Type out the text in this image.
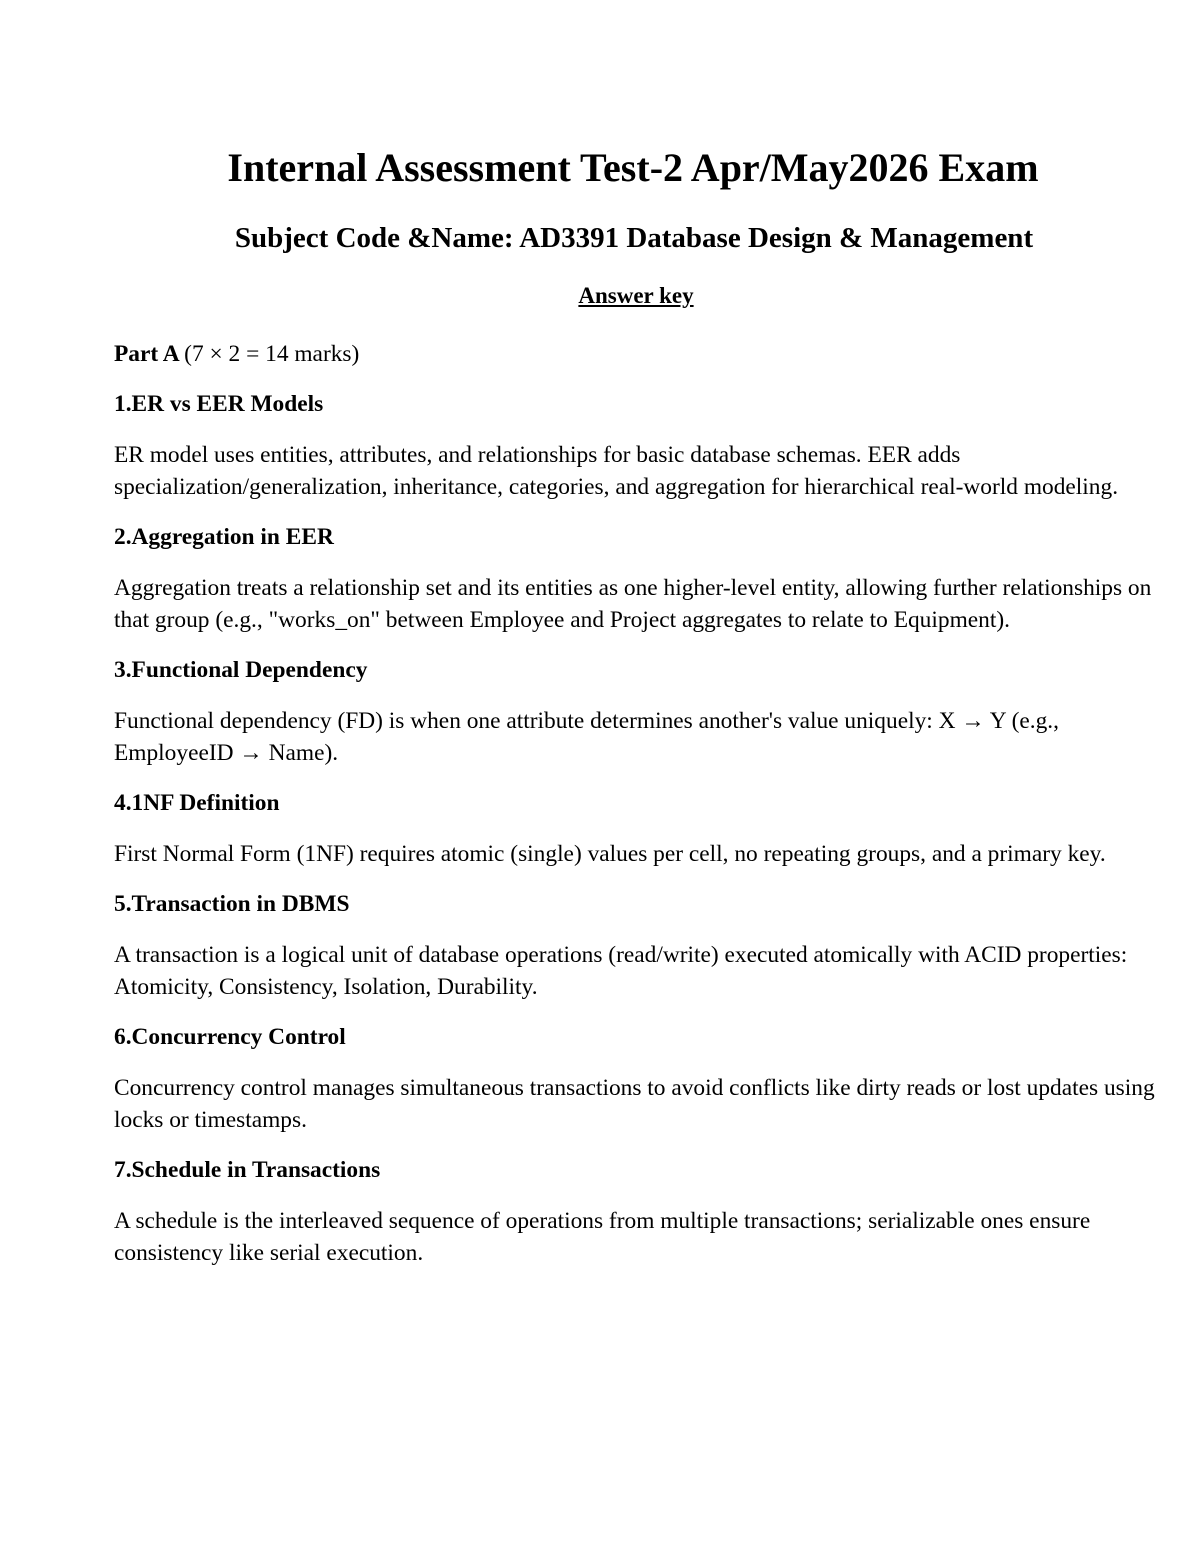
Internal Assessment Test-2 Apr/May2026 Exam
Subject Code &Name: AD3391 Database Design & Management
Answer key
Part A (7 × 2 = 14 marks)
1.ER vs EER Models
ER model uses entities, attributes, and relationships for basic database schemas. EER adds specialization/generalization, inheritance, categories, and aggregation for hierarchical real-world modeling.
2.Aggregation in EER
Aggregation treats a relationship set and its entities as one higher-level entity, allowing further relationships on that group (e.g., "works_on" between Employee and Project aggregates to relate to Equipment).
3.Functional Dependency
Functional dependency (FD) is when one attribute determines another's value uniquely: X → Y (e.g., EmployeeID → Name).
4.1NF Definition
First Normal Form (1NF) requires atomic (single) values per cell, no repeating groups, and a primary key.
5.Transaction in DBMS
A transaction is a logical unit of database operations (read/write) executed atomically with ACID properties: Atomicity, Consistency, Isolation, Durability.
6.Concurrency Control
Concurrency control manages simultaneous transactions to avoid conflicts like dirty reads or lost updates using locks or timestamps.
7.Schedule in Transactions
A schedule is the interleaved sequence of operations from multiple transactions; serializable ones ensure consistency like serial execution.
